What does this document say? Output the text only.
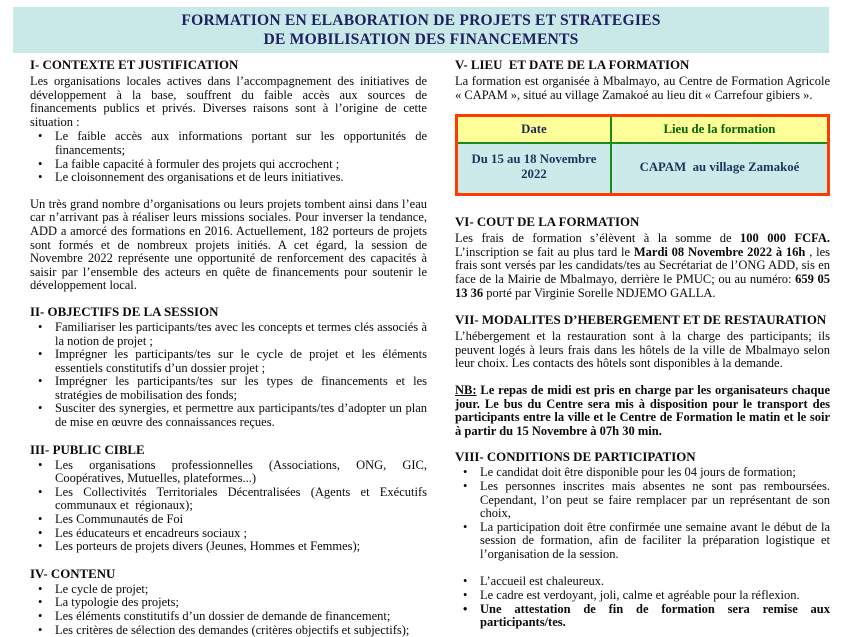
FORMATION EN ELABORATION DE PROJETS ET STRATEGIES
DE MOBILISATION DES FINANCEMENTS
I- CONTEXTE ET JUSTIFICATION
Les organisations locales actives dans l’accompagnement des initiatives de développement à la base, souffrent du faible accès aux sources de financements publics et privés. Diverses raisons sont à l’origine de cette situation :
•	Le faible accès aux informations portant sur les opportunités de financements;
•	La faible capacité à formuler des projets qui accrochent ;
•	Le cloisonnement des organisations et de leurs initiatives.
Un très grand nombre d’organisations ou leurs projets tombent ainsi dans l’eau car n’arrivant pas à réaliser leurs missions sociales. Pour inverser la tendance, ADD a amorcé des formations en 2016. Actuellement, 182 porteurs de projets sont formés et de nombreux projets initiés. A cet égard, la session de Novembre 2022 représente une opportunité de renforcement des capacités à saisir par l’ensemble des acteurs en quête de financements pour soutenir le développement local.
II- OBJECTIFS DE LA SESSION
•	Familiariser les participants/tes avec les concepts et termes clés associés à la notion de projet ;
•	Imprégner les participants/tes sur le cycle de projet et les éléments essentiels constitutifs d’un dossier projet ;
•	Imprégner les participants/tes sur les types de financements et les stratégies de mobilisation des fonds;
•	Susciter des synergies, et permettre aux participants/tes d’adopter un plan de mise en œuvre des connaissances reçues.
III- PUBLIC CIBLE
•	Les organisations professionnelles (Associations, ONG, GIC, Coopératives, Mutuelles, plateformes...)
•	Les Collectivités Territoriales Décentralisées (Agents et Exécutifs communaux et  régionaux);
•	Les Communautés de Foi
•	Les éducateurs et encadreurs sociaux ;
•	Les porteurs de projets divers (Jeunes, Hommes et Femmes);
IV- CONTENU
•	Le cycle de projet;
•	La typologie des projets;
•	Les éléments constitutifs d’un dossier de demande de financement;
•	Les critères de sélection des demandes (critères objectifs et subjectifs);
V- LIEU  ET DATE DE LA FORMATION
La formation est organisée à Mbalmayo, au Centre de Formation Agricole « CAPAM », situé au village Zamakoé au lieu dit « Carrefour gibiers ».
Date	Lieu de la formation
Du 15 au 18 Novembre 2022	CAPAM  au village Zamakoé
VI- COUT DE LA FORMATION
Les frais de formation s’élèvent à la somme de 100 000 FCFA. L’inscription se fait au plus tard le Mardi 08 Novembre 2022 à 16h , les frais sont versés par les candidats/tes au Secrétariat de l’ONG ADD, sis en face de la Mairie de Mbalmayo, derrière le PMUC; ou au numéro: 659 05 13 36 porté par Virginie Sorelle NDJEMO GALLA.
VII- MODALITES D’HEBERGEMENT ET DE RESTAURATION
L’hébergement et la restauration sont à la charge des participants; ils peuvent logés à leurs frais dans les hôtels de la ville de Mbalmayo selon leur choix. Les contacts des hôtels sont disponibles à la demande.
NB: Le repas de midi est pris en charge par les organisateurs chaque jour. Le bus du Centre sera mis à disposition pour le transport des participants entre la ville et le Centre de Formation le matin et le soir à partir du 15 Novembre à 07h 30 min.
VIII- CONDITIONS DE PARTICIPATION
•	Le candidat doit être disponible pour les 04 jours de formation;
•	Les personnes inscrites mais absentes ne sont pas remboursées. Cependant, l’on peut se faire remplacer par un représentant de son choix,
•	La participation doit être confirmée une semaine avant le début de la session de formation, afin de faciliter la préparation logistique et l’organisation de la session.
•	L’accueil est chaleureux.
•	Le cadre est verdoyant, joli, calme et agréable pour la réflexion.
•	Une attestation de fin de formation sera remise aux participants/tes.
